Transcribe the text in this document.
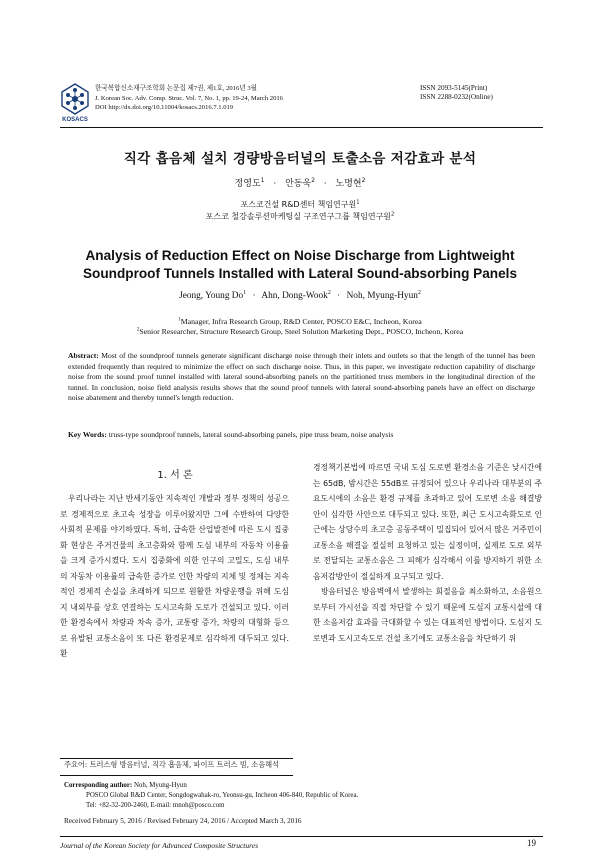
KOSACS
한국복합신소재구조학회 논문집 제7권, 제1호, 2016년 3월
J. Korean Soc. Adv. Comp. Struc. Vol. 7, No. 1, pp. 19-24, March 2016
DOI http://dx.doi.org/10.11004/kosacs.2016.7.1.019
ISSN 2093-5145(Print)
ISSN 2288-0232(Online)
직각 흡음체 설치 경량방음터널의 토출소음 저감효과 분석
정영도$^1$ · 안동욱$^2$ · 노명현$^2$
포스코건설 R&D센터 책임연구원$^1$
포스코 철강솔루션마케팅실 구조연구그룹 책임연구원$^2$
Analysis of Reduction Effect on Noise Discharge from Lightweight
Soundproof Tunnels Installed with Lateral Sound-absorbing Panels
Jeong, Young $Do^1$ · Ahn, Dong-Wook$^2$ · Noh, Myung-Hyun$^2$
$^1$Manager, Infra Research Group, R&D Center, POSCO E&C, Incheon, Korea
$^2$Senior Researcher, Structure Research Group, Steel Solution Marketing Dept., POSCO, Incheon, Korea
Abstract: Most of the soundproof tunnels generate significant discharge noise through their inlets and outlets so that the length of the tunnel has been extended frequently than required to minimize the effect on such discharge noise. Thus, in this paper, we investigate reduction capability of discharge noise from the sound proof tunnel installed with lateral sound-absorbing panels on the partitioned truss members in the longitudinal direction of the tunnel. In conclusion, noise field analysis results shows that the sound proof tunnels with lateral sound-absorbing panels have an effect on discharge noise abatement and thereby tunnel's length reduction.
Key Words: truss-type soundproof tunnels, lateral sound-absorbing panels, pipe truss beam, noise analysis
1. 서 론

우리나라는 지난 반세기동안 지속적인 개발과 정부 정책의 성공으로 경제적으로 초고속 성장을 이루어왔지만 그에 수반하여 다양한 사회적 문제를 야기하였다. 특히, 급속한 산업발전에 따른 도시 집중화 현상은 주거건물의 초고층화와 함께 도심 내부의 자동차 이용률을 크게 증가시켰다. 도시 집중화에 의한 인구의 고밀도, 도심 내부의 자동차 이용률의 급속한 증가로 인한 차량의 지체 및 정체는 지속적인 경제적 손실을 초래하게 되므로 원활한 차량운행을 위해 도심지 내외부를 상호 연결하는 도시고속화 도로가 건설되고 있다. 이러한 환경속에서 차량과 차속 증가, 교통량 증가, 차량의 대형화 등으로 유발된 교통소음이 또 다른 환경문제로 심각하게 대두되고 있다. 환

경정책기본법에 따르면 국내 도심 도로변 환경소음 기준은 낮시간에는 65dB, 밤시간은 55dB로 규정되어 있으나 우리나라 대부분의 주요도시에의 소음은 환경 규제를 초과하고 있어 도로변 소음 해결방안이 심각한 사안으로 대두되고 있다. 또한, 최근 도시고속화도로 인근에는 상당수의 초고층 공동주택이 밀집되어 있어서 많은 거주민이 교통소음 해결을 절실히 요청하고 있는 실정이며, 실제로 도로 외부로 전달되는 교통소음은 그 피해가 심각해서 이를 방지하기 위한 소음저감방안이 절실하게 요구되고 있다.

방음터널은 방음벽에서 발생하는 회절음을 최소화하고, 소음원으로부터 가시선을 직접 차단할 수 있기 때문에 도심지 교통시설에 대한 소음저감 효과를 극대화할 수 있는 대표적인 방법이다. 도심지 도로변과 도시고속도로 건설 초기에도 교통소음을 차단하기 위

주요어: 트러스형 방음터널, 직각 흡음체, 파이프 트러스 빔, 소음해석
Corresponding author: Noh, Myung-Hyun
POSCO Global R&D Center, Songdogwahak-ro, Yeonsu-gu, Incheon 406-840, Republic of Korea.
Tel: +82-32-200-2460, E-mail: mnoh@posco.com
Received February 5, 2016 / Revised February 24, 2016 / Accepted March 3, 2016
Journal of the Korean Society for Advanced Composite Structures	19
